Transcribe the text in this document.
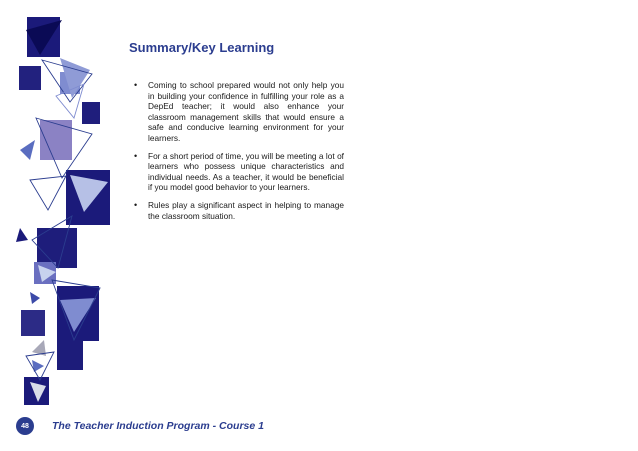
Summary/Key Learning
• Coming to school prepared would not only help you in building your confidence in fulfilling your role as a DepEd teacher; it would also enhance your classroom management skills that would ensure a safe and conducive learning environment for your learners.
• For a short period of time, you will be meeting a lot of learners who possess unique characteristics and individual needs. As a teacher, it would be beneficial if you model good behavior to your learners.
• Rules play a significant aspect in helping to manage the classroom situation.
48	The Teacher Induction Program - Course 1
